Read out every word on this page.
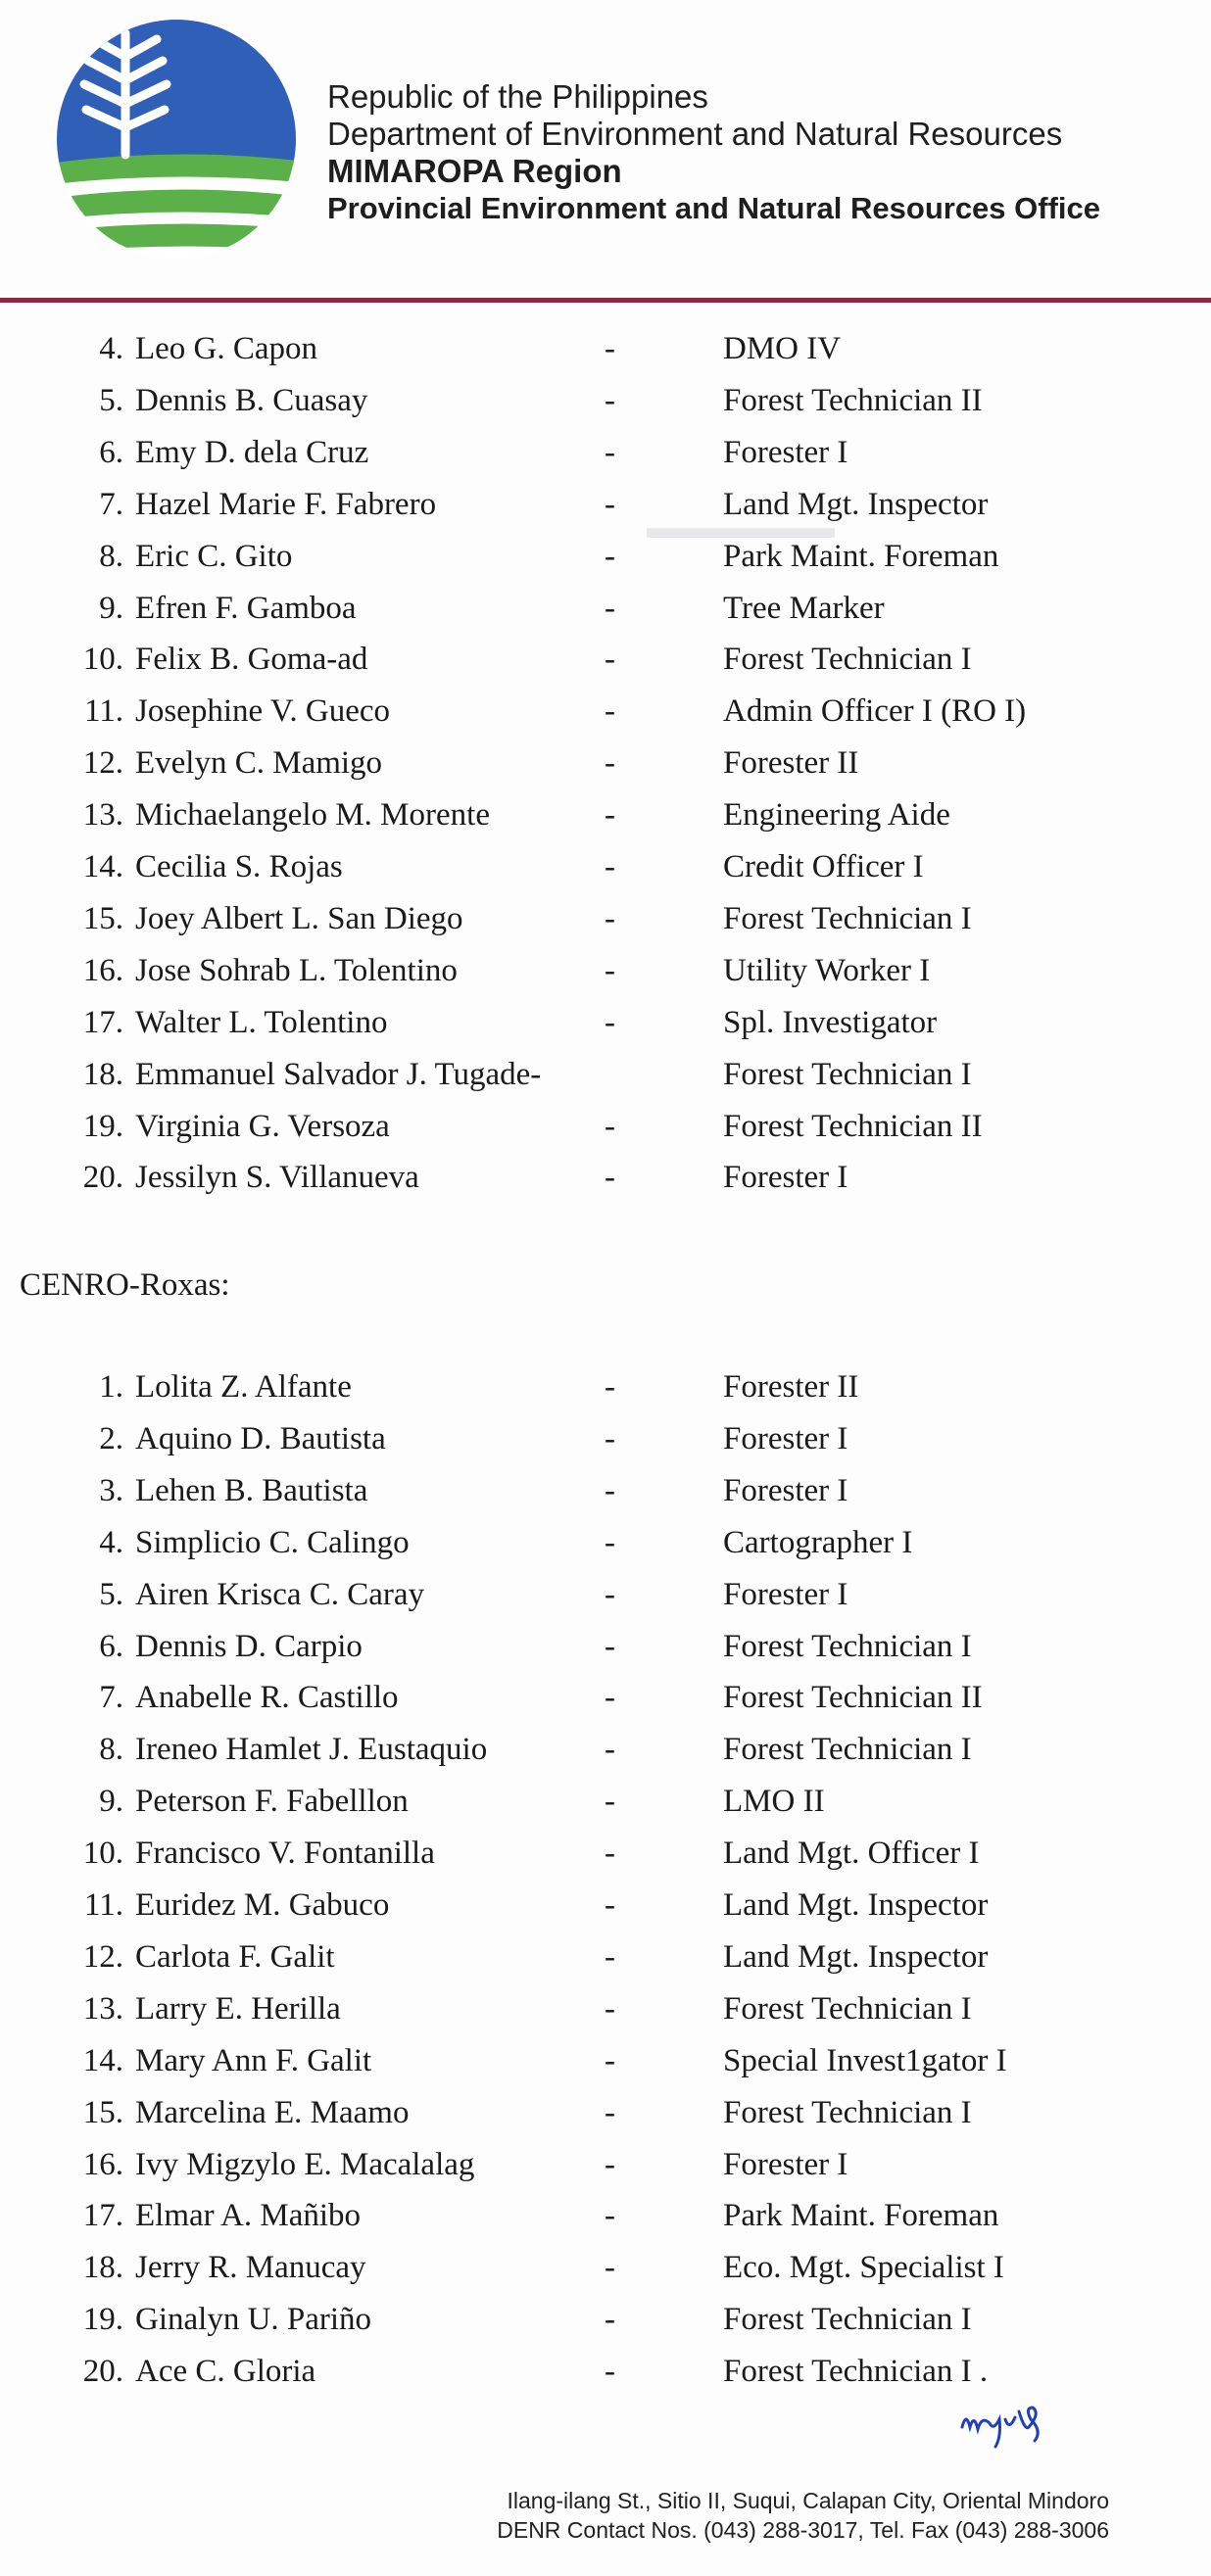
Republic of the Philippines
Department of Environment and Natural Resources
MIMAROPA Region
Provincial Environment and Natural Resources Office
▬▬▬▬▬▬
4. Leo G. Capon	-	DMO IV
5. Dennis B. Cuasay	-	Forest Technician II
6. Emy D. dela Cruz	-	Forester I
7. Hazel Marie F. Fabrero	-	Land Mgt. Inspector
8. Eric C. Gito	-	Park Maint. Foreman
9. Efren F. Gamboa	-	Tree Marker
10. Felix B. Goma-ad	-	Forest Technician I
11. Josephine V. Gueco	-	Admin Officer I (RO I)
12. Evelyn C. Mamigo	-	Forester II
13. Michaelangelo M. Morente	-	Engineering Aide
14. Cecilia S. Rojas	-	Credit Officer I
15. Joey Albert L. San Diego	-	Forest Technician I
16. Jose Sohrab L. Tolentino	-	Utility Worker I
17. Walter L. Tolentino	-	Spl. Investigator
18. Emmanuel Salvador J. Tugade-	Forest Technician I
19. Virginia G. Versoza	-	Forest Technician II
20. Jessilyn S. Villanueva	-	Forester I
CENRO-Roxas:
1. Lolita Z. Alfante	-	Forester II
2. Aquino D. Bautista	-	Forester I
3. Lehen B. Bautista	-	Forester I
4. Simplicio C. Calingo	-	Cartographer I
5. Airen Krisca C. Caray	-	Forester I
6. Dennis D. Carpio	-	Forest Technician I
7. Anabelle R. Castillo	-	Forest Technician II
8. Ireneo Hamlet J. Eustaquio	-	Forest Technician I
9. Peterson F. Fabelllon	-	LMO II
10. Francisco V. Fontanilla	-	Land Mgt. Officer I
11. Euridez M. Gabuco	-	Land Mgt. Inspector
12. Carlota F. Galit	-	Land Mgt. Inspector
13. Larry E. Herilla	-	Forest Technician I
14. Mary Ann F. Galit	-	Special Invest1gator I
15. Marcelina E. Maamo	-	Forest Technician I
16. Ivy Migzylo E. Macalalag	-	Forester I
17. Elmar A. Mañibo	-	Park Maint. Foreman
18. Jerry R. Manucay	-	Eco. Mgt. Specialist I
19. Ginalyn U. Pariño	-	Forest Technician I
20. Ace C. Gloria	-	Forest Technician I .
Ilang-ilang St., Sitio II, Suqui, Calapan City, Oriental Mindoro
DENR Contact Nos. (043) 288-3017, Tel. Fax (043) 288-3006
